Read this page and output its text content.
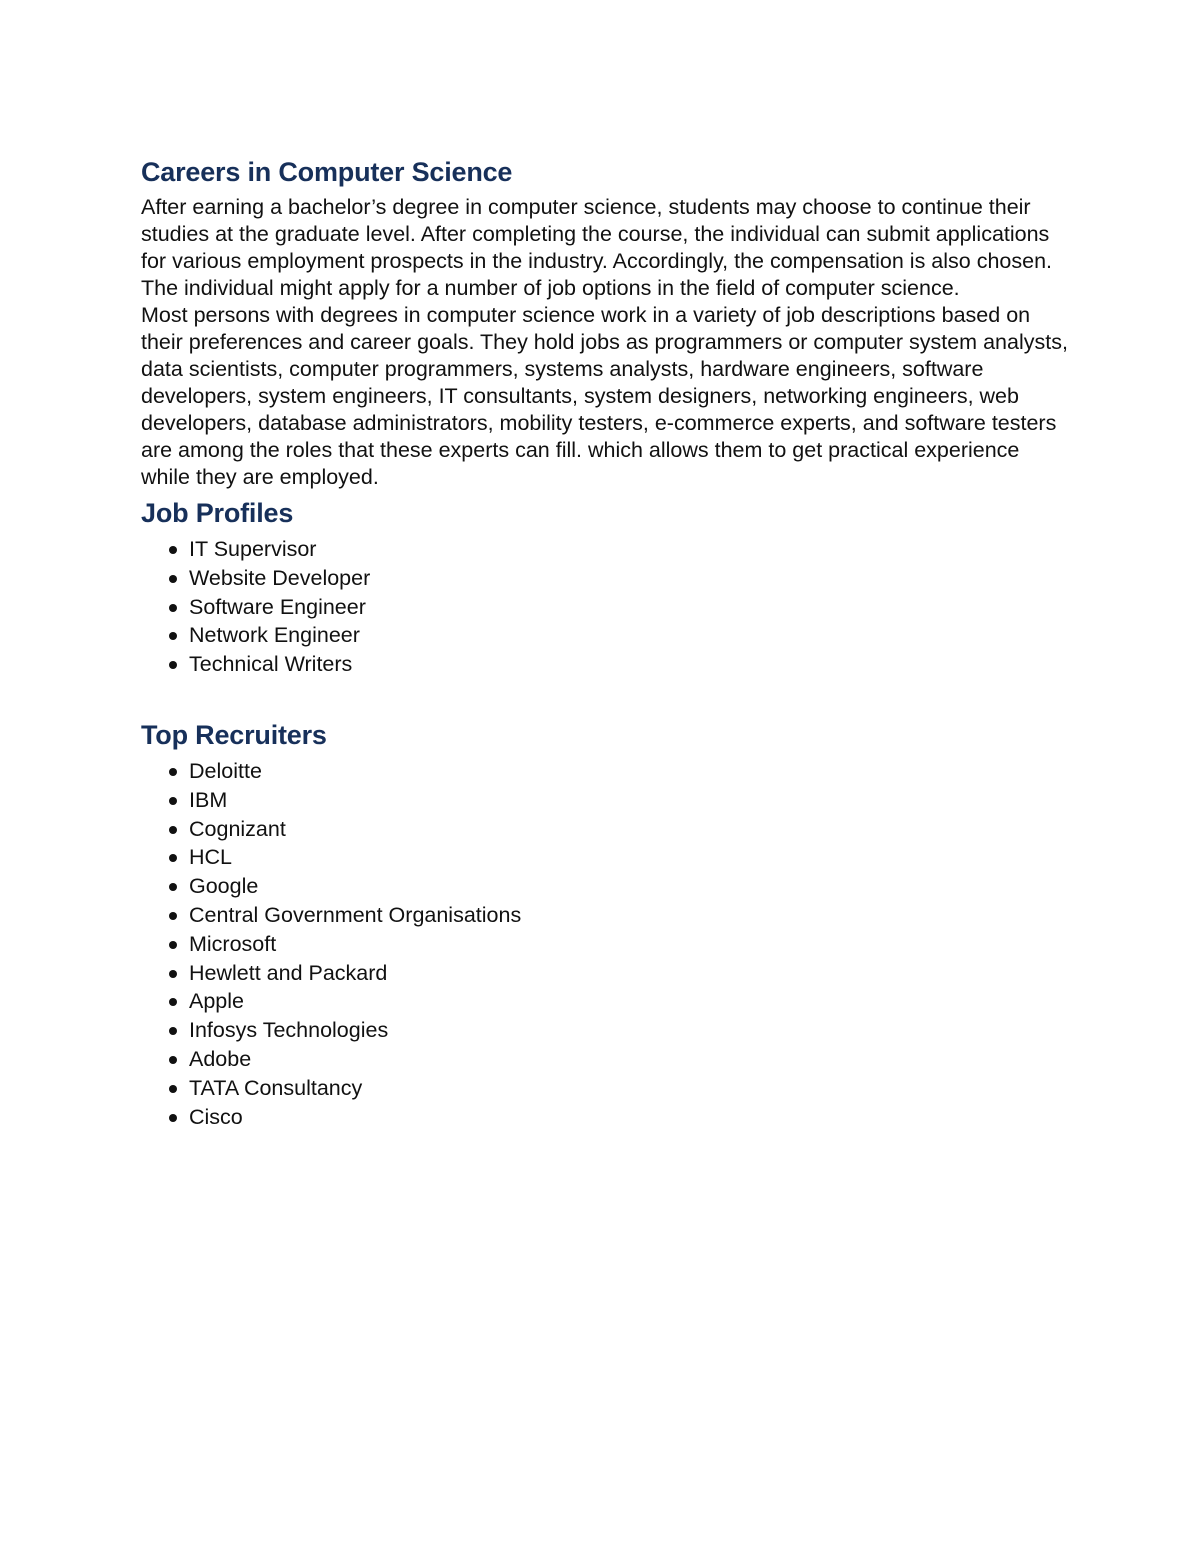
Careers in Computer Science

After earning a bachelor’s degree in computer science, students may choose to continue their studies at the graduate level. After completing the course, the individual can submit applications for various employment prospects in the industry. Accordingly, the compensation is also chosen. The individual might apply for a number of job options in the field of computer science.

Most persons with degrees in computer science work in a variety of job descriptions based on their preferences and career goals. They hold jobs as programmers or computer system analysts, data scientists, computer programmers, systems analysts, hardware engineers, software developers, system engineers, IT consultants, system designers, networking engineers, web developers, database administrators, mobility testers, e-commerce experts, and software testers are among the roles that these experts can fill. which allows them to get practical experience while they are employed.

Job Profiles
IT Supervisor
Website Developer
Software Engineer
Network Engineer
Technical Writers
Top Recruiters
Deloitte
IBM
Cognizant
HCL
Google
Central Government Organisations
Microsoft
Hewlett and Packard
Apple
Infosys Technologies
Adobe
TATA Consultancy
Cisco
